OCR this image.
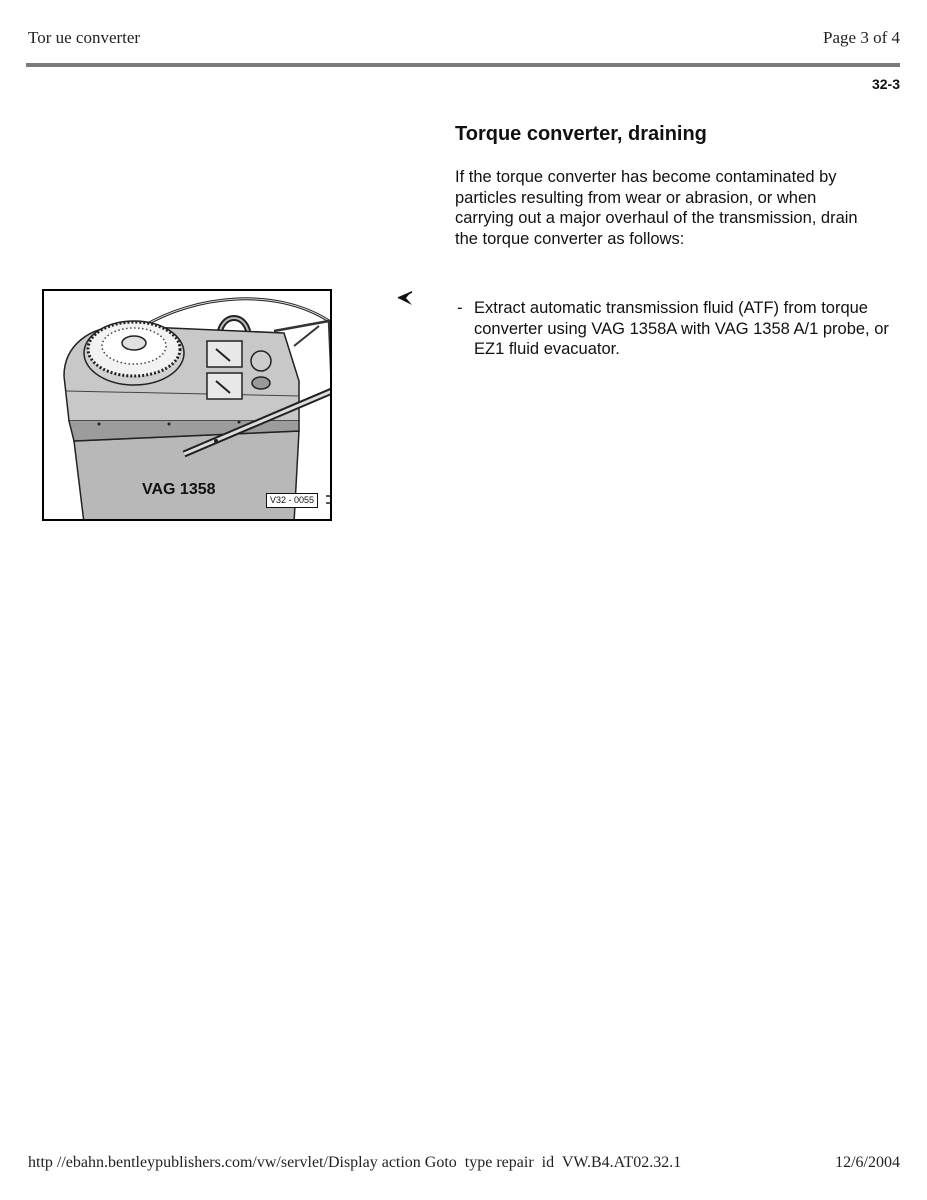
Tor ue converter	Page 3 of 4
32-3
Torque converter, draining

If the torque converter has become contaminated by particles resulting from wear or abrasion, or when carrying out a major overhaul of the transmission, drain the torque converter as follows:

- Extract automatic transmission fluid (ATF) from torque converter using VAG 1358A with VAG 1358 A/1 probe, or EZ1 fluid evacuator.
VAG 1358
V32 - 0055
http //ebahn.bentleypublishers.com/vw/servlet/Display action Goto  type repair  id  VW.B4.AT02.32.1	12/6/2004
